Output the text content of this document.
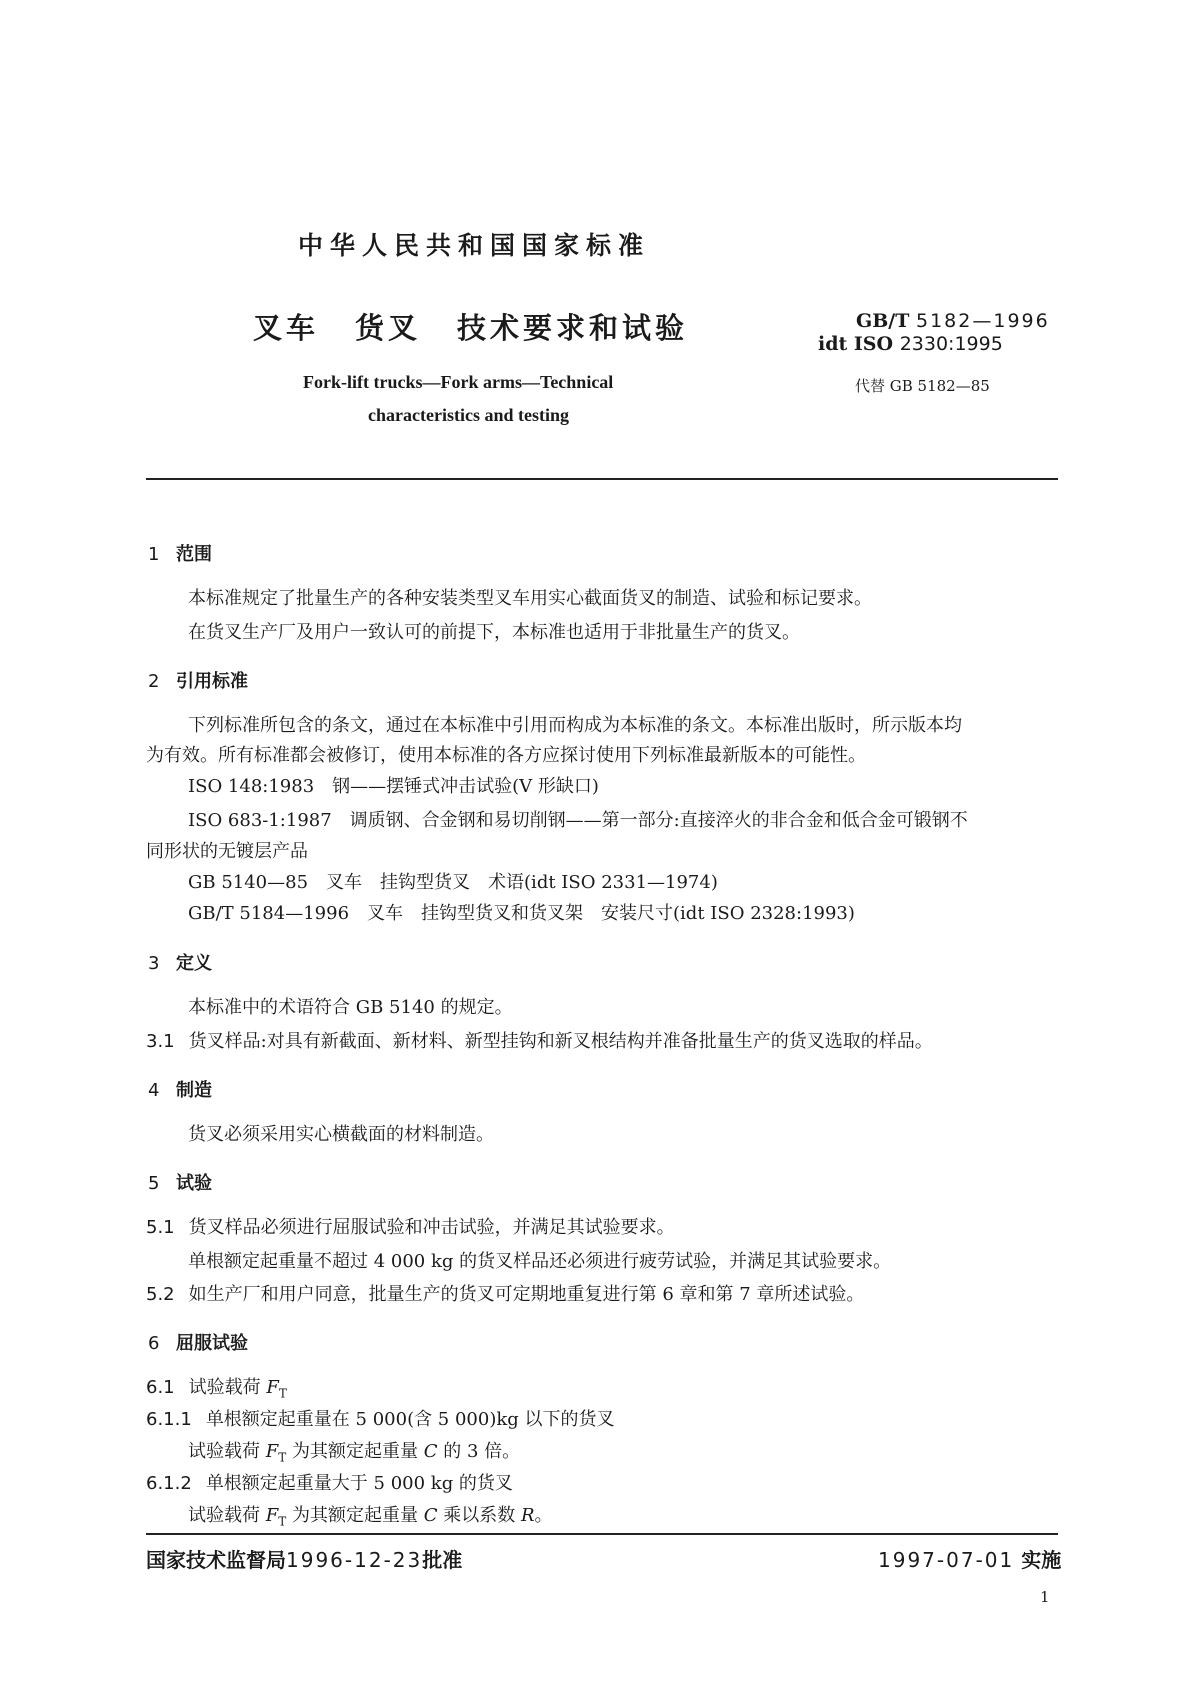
中华人民共和国国家标准
叉车 货叉 技术要求和试验	GB/T 5182—1996
idt ISO 2330:1995
Fork-lift trucks—Fork arms—Technical
characteristics and testing
代替 GB 5182—85
1 范围
本标准规定了批量生产的各种安装类型叉车用实心截面货叉的制造、试验和标记要求。
在货叉生产厂及用户一致认可的前提下，本标准也适用于非批量生产的货叉。
2 引用标准
下列标准所包含的条文，通过在本标准中引用而构成为本标准的条文。本标准出版时，所示版本均
为有效。所有标准都会被修订，使用本标准的各方应探讨使用下列标准最新版本的可能性。
ISO 148:1983　钢——摆锤式冲击试验(V 形缺口)
ISO 683-1:1987　调质钢、合金钢和易切削钢——第一部分:直接淬火的非合金和低合金可锻钢不
同形状的无镀层产品
GB 5140—85　叉车　挂钩型货叉　术语(idt ISO 2331—1974)
GB/T 5184—1996　叉车　挂钩型货叉和货叉架　安装尺寸(idt ISO 2328:1993)
3 定义
本标准中的术语符合 GB 5140 的规定。
3.1 货叉样品:对具有新截面、新材料、新型挂钩和新叉根结构并准备批量生产的货叉选取的样品。
4 制造
货叉必须采用实心横截面的材料制造。
5 试验
5.1 货叉样品必须进行屈服试验和冲击试验，并满足其试验要求。
单根额定起重量不超过 4 000 kg 的货叉样品还必须进行疲劳试验，并满足其试验要求。
5.2 如生产厂和用户同意，批量生产的货叉可定期地重复进行第 6 章和第 7 章所述试验。
6 屈服试验
6.1 试验载荷 $F_T$
6.1.1 单根额定起重量在 5 000(含 5 000)kg 以下的货叉
试验载荷 $F_T$ 为其额定起重量 C 的 3 倍。
6.1.2 单根额定起重量大于 5 000 kg 的货叉
试验载荷 $F_T$ 为其额定起重量 C 乘以系数 R。
国家技术监督局1996-12-23批准	1997-07-01 实施
1
